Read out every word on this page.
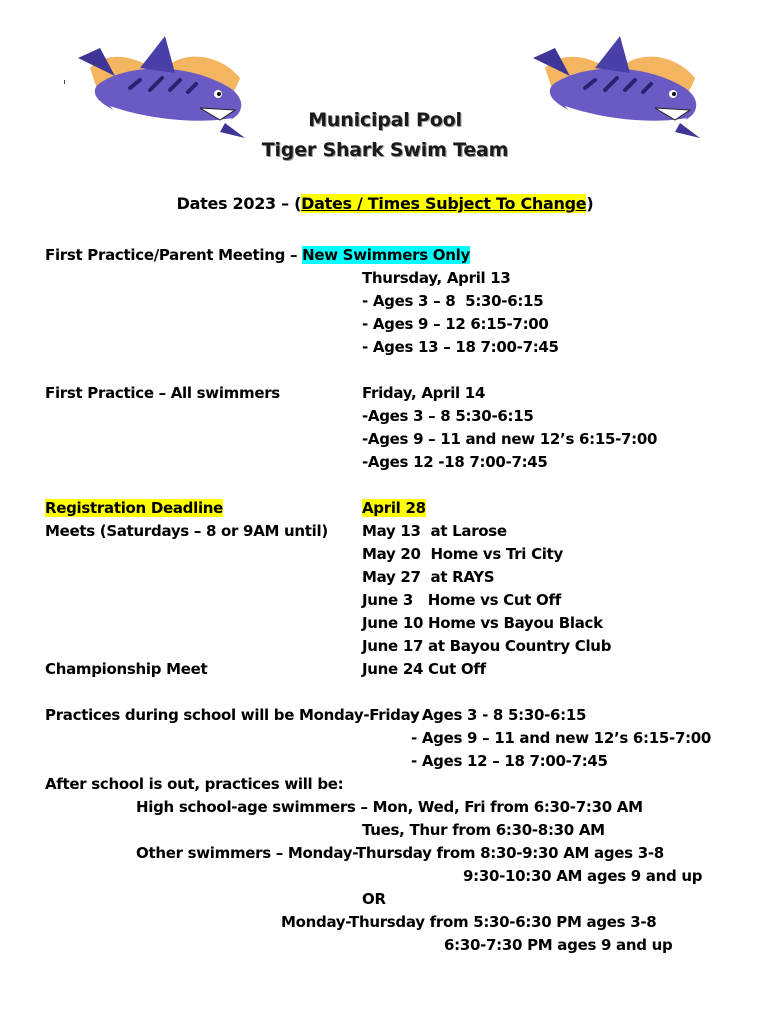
Municipal Pool
Tiger Shark Swim Team
Dates 2023 – (Dates / Times Subject To Change)
First Practice/Parent Meeting – New Swimmers Only
Thursday, April 13
- Ages 3 – 8  5:30-6:15
- Ages 9 – 12 6:15-7:00
- Ages 13 – 18 7:00-7:45
First Practice – All swimmers	Friday, April 14
-Ages 3 – 8 5:30-6:15
-Ages 9 – 11 and new 12’s 6:15-7:00
-Ages 12 -18 7:00-7:45
Registration Deadline	April 28
Meets (Saturdays – 8 or 9AM until) May 13  at Larose
May 20  Home vs Tri City
May 27  at RAYS
June 3   Home vs Cut Off
June 10 Home vs Bayou Black
June 17 at Bayou Country Club
Championship Meet	June 24 Cut Off
Practices during school will be Monday-Friday
- Ages 3 - 8 5:30-6:15
- Ages 9 – 11 and new 12’s 6:15-7:00
- Ages 12 – 18 7:00-7:45
After school is out, practices will be:
High school-age swimmers – Mon, Wed, Fri from 6:30-7:30 AM
Tues, Thur from 6:30-8:30 AM
Other swimmers – Monday-Thursday from 8:30-9:30 AM ages 3-8
9:30-10:30 AM ages 9 and up
OR
Monday-Thursday from 5:30-6:30 PM ages 3-8
6:30-7:30 PM ages 9 and up
